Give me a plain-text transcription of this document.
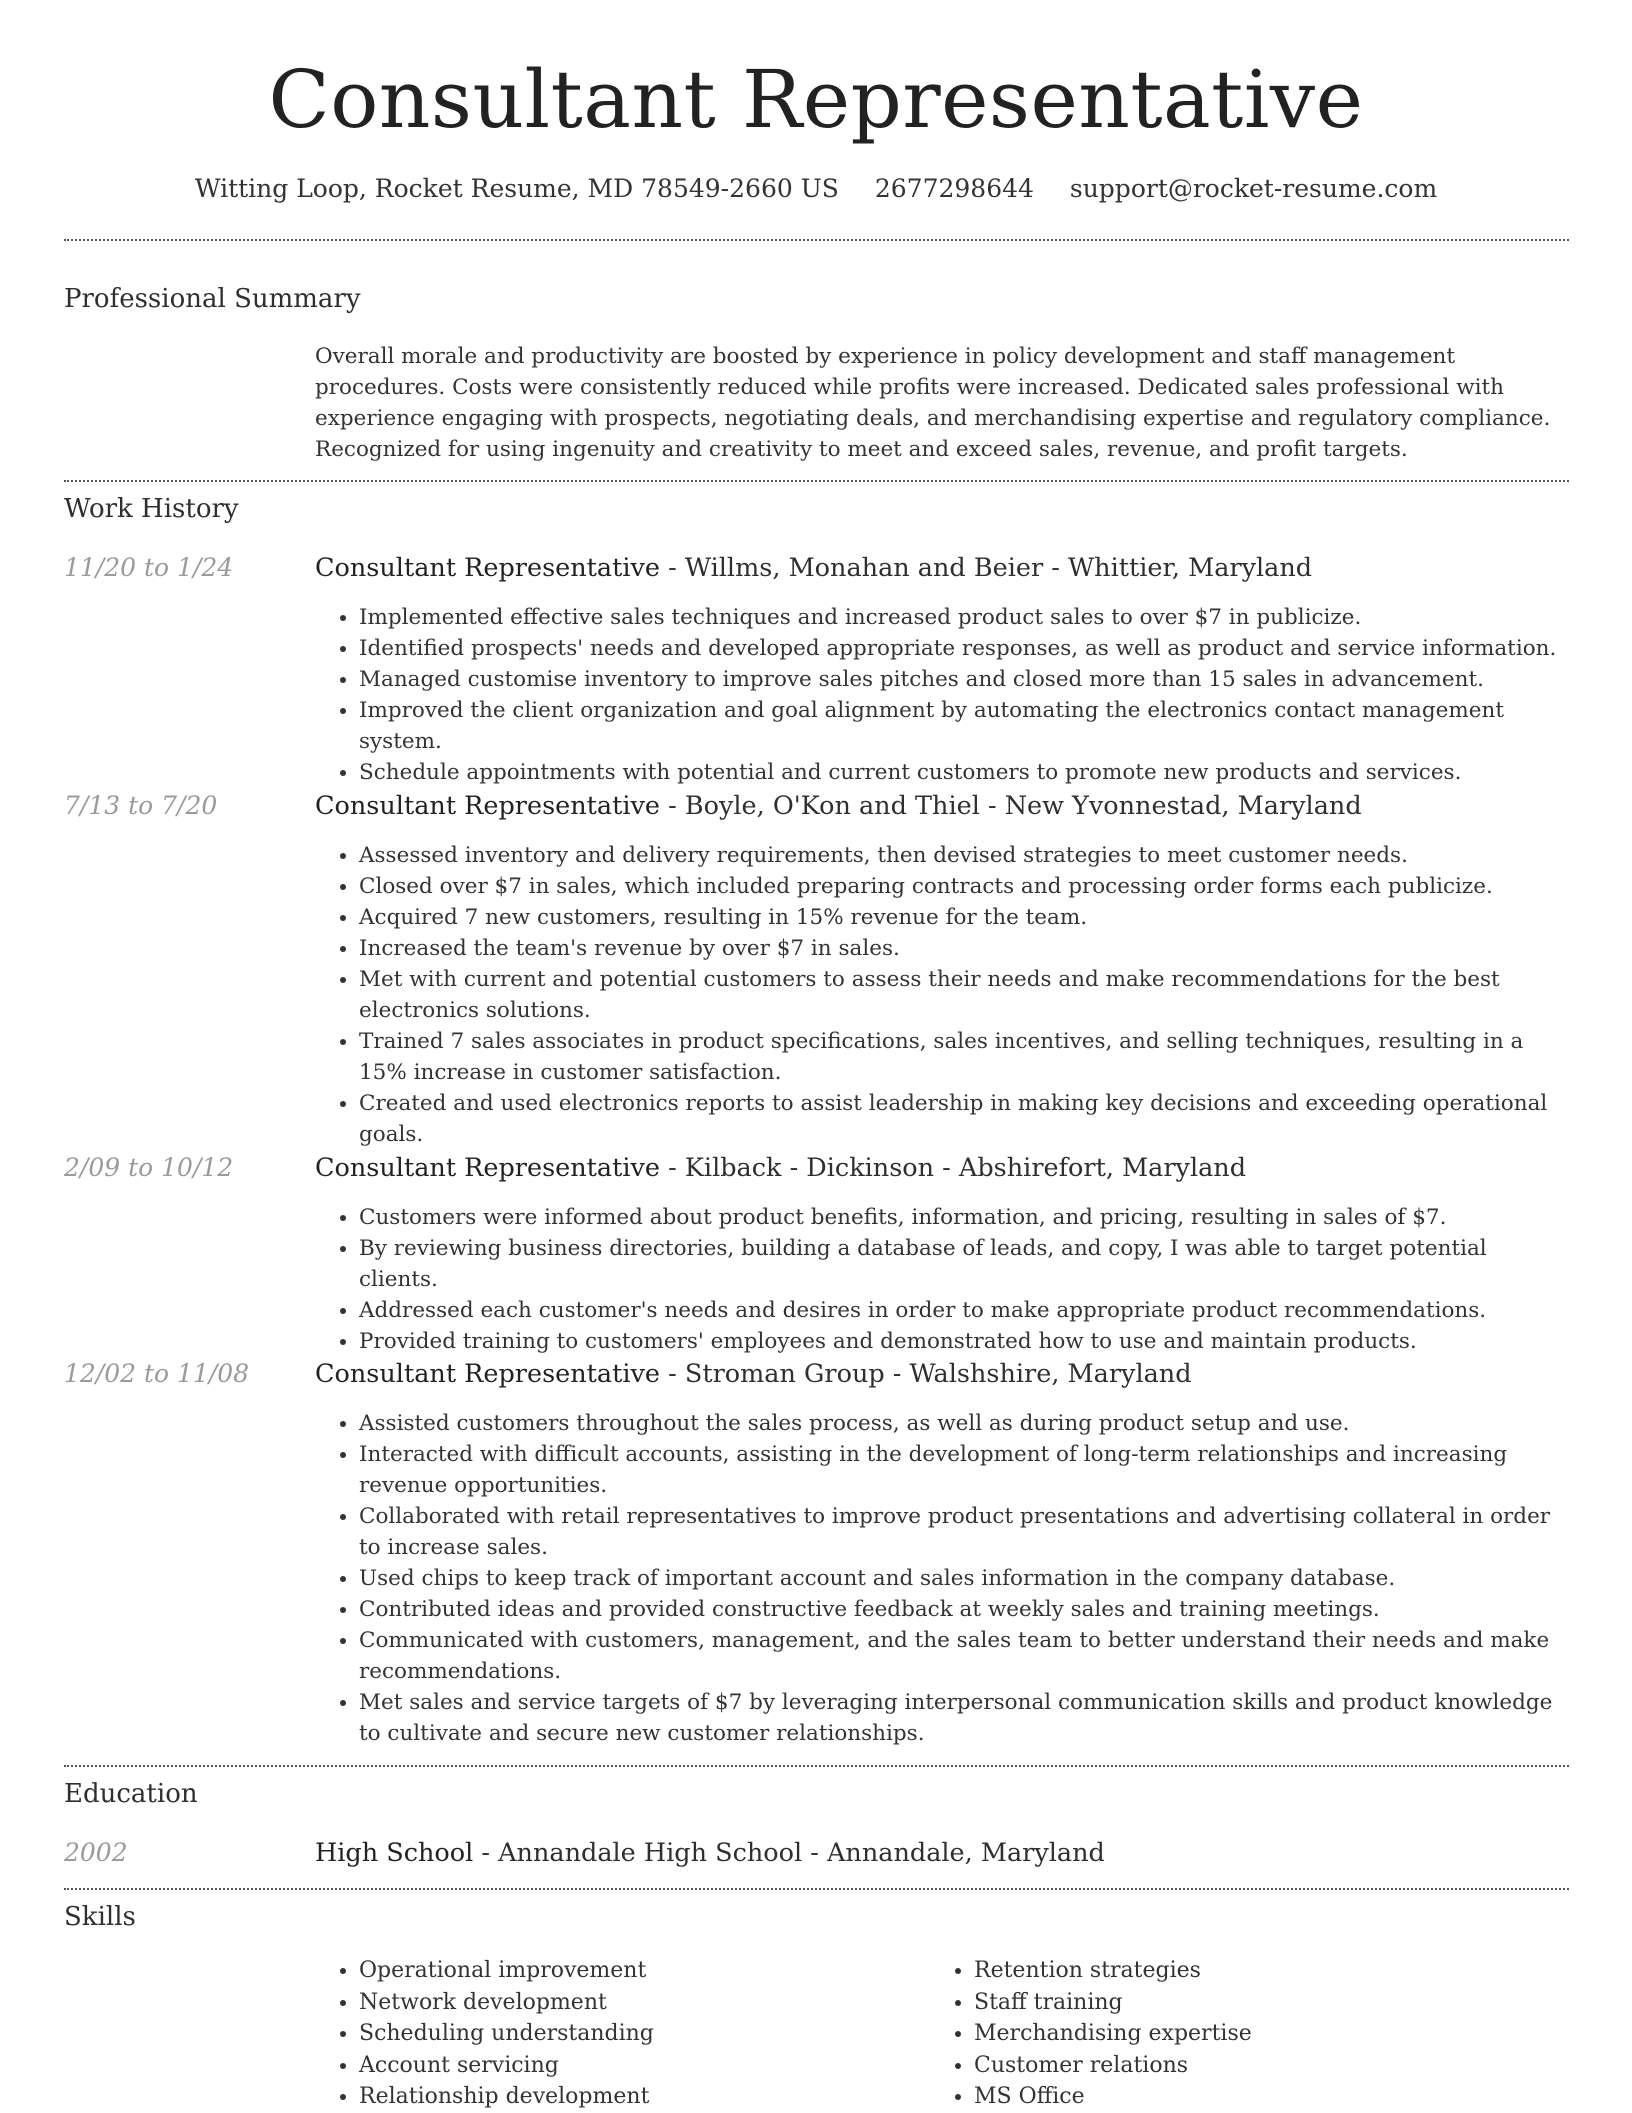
Consultant Representative
Witting Loop, Rocket Resume, MD 78549-2660 US 2677298644 support@rocket-resume.com
Professional Summary

Overall morale and productivity are boosted by experience in policy development and staff management procedures. Costs were consistently reduced while profits were increased. Dedicated sales professional with experience engaging with prospects, negotiating deals, and merchandising expertise and regulatory compliance. Recognized for using ingenuity and creativity to meet and exceed sales, revenue, and profit targets.

Work History
11/20 to 1/24	Consultant Representative - Willms, Monahan and Beier - Whittier, Maryland
• Implemented effective sales techniques and increased product sales to over $7 in publicize.
• Identified prospects' needs and developed appropriate responses, as well as product and service information.
• Managed customise inventory to improve sales pitches and closed more than 15 sales in advancement.
• Improved the client organization and goal alignment by automating the electronics contact management system.
• Schedule appointments with potential and current customers to promote new products and services.
7/13 to 7/20	Consultant Representative - Boyle, O'Kon and Thiel - New Yvonnestad, Maryland
• Assessed inventory and delivery requirements, then devised strategies to meet customer needs.
• Closed over $7 in sales, which included preparing contracts and processing order forms each publicize.
• Acquired 7 new customers, resulting in 15% revenue for the team.
• Increased the team's revenue by over $7 in sales.
• Met with current and potential customers to assess their needs and make recommendations for the best electronics solutions.
• Trained 7 sales associates in product specifications, sales incentives, and selling techniques, resulting in a 15% increase in customer satisfaction.
• Created and used electronics reports to assist leadership in making key decisions and exceeding operational goals.
2/09 to 10/12	Consultant Representative - Kilback - Dickinson - Abshirefort, Maryland
• Customers were informed about product benefits, information, and pricing, resulting in sales of $7.
• By reviewing business directories, building a database of leads, and copy, I was able to target potential clients.
• Addressed each customer's needs and desires in order to make appropriate product recommendations.
• Provided training to customers' employees and demonstrated how to use and maintain products.
12/02 to 11/08	Consultant Representative - Stroman Group - Walshshire, Maryland
• Assisted customers throughout the sales process, as well as during product setup and use.
• Interacted with difficult accounts, assisting in the development of long-term relationships and increasing revenue opportunities.
• Collaborated with retail representatives to improve product presentations and advertising collateral in order to increase sales.
• Used chips to keep track of important account and sales information in the company database.
• Contributed ideas and provided constructive feedback at weekly sales and training meetings.
• Communicated with customers, management, and the sales team to better understand their needs and make recommendations.
• Met sales and service targets of $7 by leveraging interpersonal communication skills and product knowledge to cultivate and secure new customer relationships.
Education
2002	High School - Annandale High School - Annandale, Maryland
Skills
• Operational improvement
• Network development
• Scheduling understanding
• Account servicing
• Relationship development
• Retention strategies
• Staff training
• Merchandising expertise
• Customer relations
• MS Office
